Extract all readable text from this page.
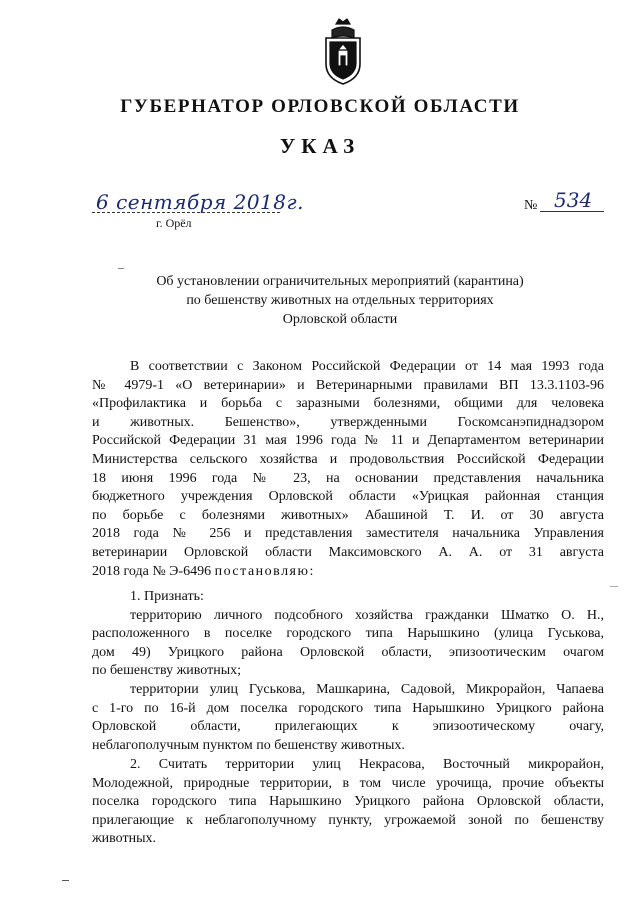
ГУБЕРНАТОР ОРЛОВСКОЙ ОБЛАСТИ
УКАЗ
6 сентября 2018г.
г. Орёл
№ 534
Об установлении ограничительных мероприятий (карантина)
по бешенству животных на отдельных территориях
Орловской области
В соответствии с Законом Российской Федерации от 14 мая 1993 года
№ 4979-1 «О ветеринарии» и Ветеринарными правилами ВП 13.3.1103-96
«Профилактика и борьба с заразными болезнями, общими для человека
и животных. Бешенство», утвержденными Госкомсанэпиднадзором
Российской Федерации 31 мая 1996 года № 11 и Департаментом ветеринарии
Министерства сельского хозяйства и продовольствия Российской Федерации
18 июня 1996 года № 23, на основании представления начальника
бюджетного учреждения Орловской области «Урицкая районная станция
по борьбе с болезнями животных» Абашиной Т. И. от 30 августа
2018 года № 256 и представления заместителя начальника Управления
ветеринарии Орловской области Максимовского А. А. от 31 августа
2018 года № Э-6496 постановляю:
1. Признать:
территорию личного подсобного хозяйства гражданки Шматко О. Н.,
расположенного в поселке городского типа Нарышкино (улица Гуськова,
дом 49) Урицкого района Орловской области, эпизоотическим очагом
по бешенству животных;
территории улиц Гуськова, Машкарина, Садовой, Микрорайон, Чапаева
с 1-го по 16-й дом поселка городского типа Нарышкино Урицкого района
Орловской области, прилегающих к эпизоотическому очагу,
неблагополучным пунктом по бешенству животных.
2. Считать территории улиц Некрасова, Восточный микрорайон,
Молодежной, природные территории, в том числе урочища, прочие объекты
поселка городского типа Нарышкино Урицкого района Орловской области,
прилегающие к неблагополучному пункту, угрожаемой зоной по бешенству
животных.
